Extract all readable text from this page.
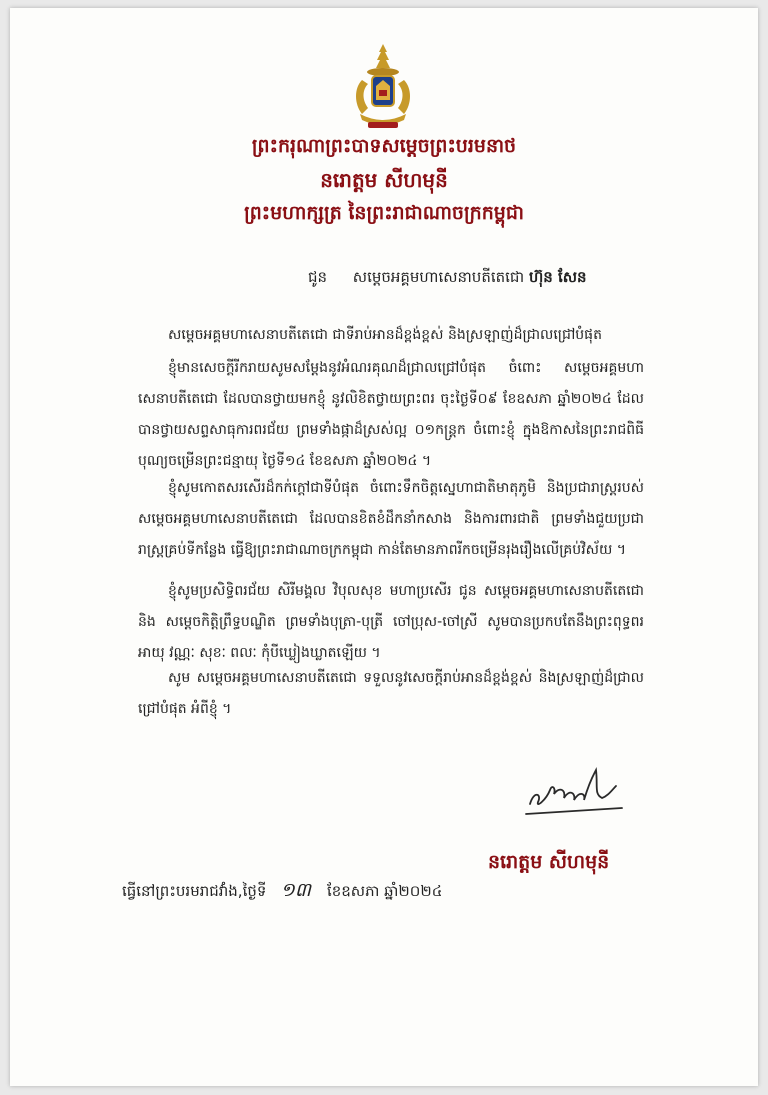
ព្រះករុណាព្រះបាទសម្តេចព្រះបរមនាថ
នរោត្តម សីហមុនី
ព្រះមហាក្សត្រ នៃព្រះរាជាណាចក្រកម្ពុជា
ជូន សម្តេចអគ្គមហាសេនាបតីតេជោ ហ៊ុន សែន
សម្តេចអគ្គមហាសេនាបតីតេជោ ជាទីរាប់អានដ៏ខ្ពង់ខ្ពស់ និងស្រឡាញ់ដ៏ជ្រាលជ្រៅបំផុត
ខ្ញុំមានសេចក្តីរីករាយសូមសម្តែងនូវអំណរគុណដ៏ជ្រាលជ្រៅបំផុត ចំពោះ សម្តេចអគ្គមហាសេនាបតីតេជោ ដែលបានថ្វាយមកខ្ញុំ នូវលិខិតថ្វាយព្រះពរ ចុះថ្ងៃទី០៩ ខែឧសភា ឆ្នាំ២០២៤ ដែលបានថ្វាយសព្ទសាធុការពរជ័យ ព្រមទាំងផ្កាដ៏ស្រស់ល្អ ០១កន្ត្រក ចំពោះខ្ញុំ ក្នុងឱកាសនៃព្រះរាជពិធីបុណ្យចម្រើនព្រះជន្មាយុ ថ្ងៃទី១៤ ខែឧសភា ឆ្នាំ២០២៤ ។
ខ្ញុំសូមកោតសរសើរដ៏កក់ក្តៅជាទីបំផុត ចំពោះទឹកចិត្តស្នេហាជាតិមាតុភូមិ និងប្រជារាស្ត្ររបស់ សម្តេចអគ្គមហាសេនាបតីតេជោ ដែលបានខិតខំដឹកនាំកសាង និងការពារជាតិ ព្រមទាំងជួយប្រជារាស្ត្រគ្រប់ទីកន្លែង ធ្វើឱ្យព្រះរាជាណាចក្រកម្ពុជា កាន់តែមានភាពរីកចម្រើនរុងរឿងលើគ្រប់វិស័យ ។
ខ្ញុំសូមប្រសិទ្ធិពរជ័យ សិរីមង្គល វិបុលសុខ មហាប្រសើរ ជូន សម្តេចអគ្គមហាសេនាបតីតេជោ និង សម្តេចកិត្តិព្រឹទ្ធបណ្ឌិត ព្រមទាំងបុត្រា-បុត្រី ចៅប្រុស-ចៅស្រី សូមបានប្រកបតែនឹងព្រះពុទ្ធពរ អាយុ វណ្ណៈ សុខៈ ពលៈ កុំបីឃ្លៀងឃ្លាតឡើយ ។
សូម សម្តេចអគ្គមហាសេនាបតីតេជោ ទទួលនូវសេចក្តីរាប់អានដ៏ខ្ពង់ខ្ពស់ និងស្រឡាញ់ដ៏ជ្រាលជ្រៅបំផុត អំពីខ្ញុំ ។
នរោត្តម សីហមុនី
ធ្វើនៅព្រះបរមរាជវាំង,ថ្ងៃទី ១៣ ខែឧសភា ឆ្នាំ២០២៤
